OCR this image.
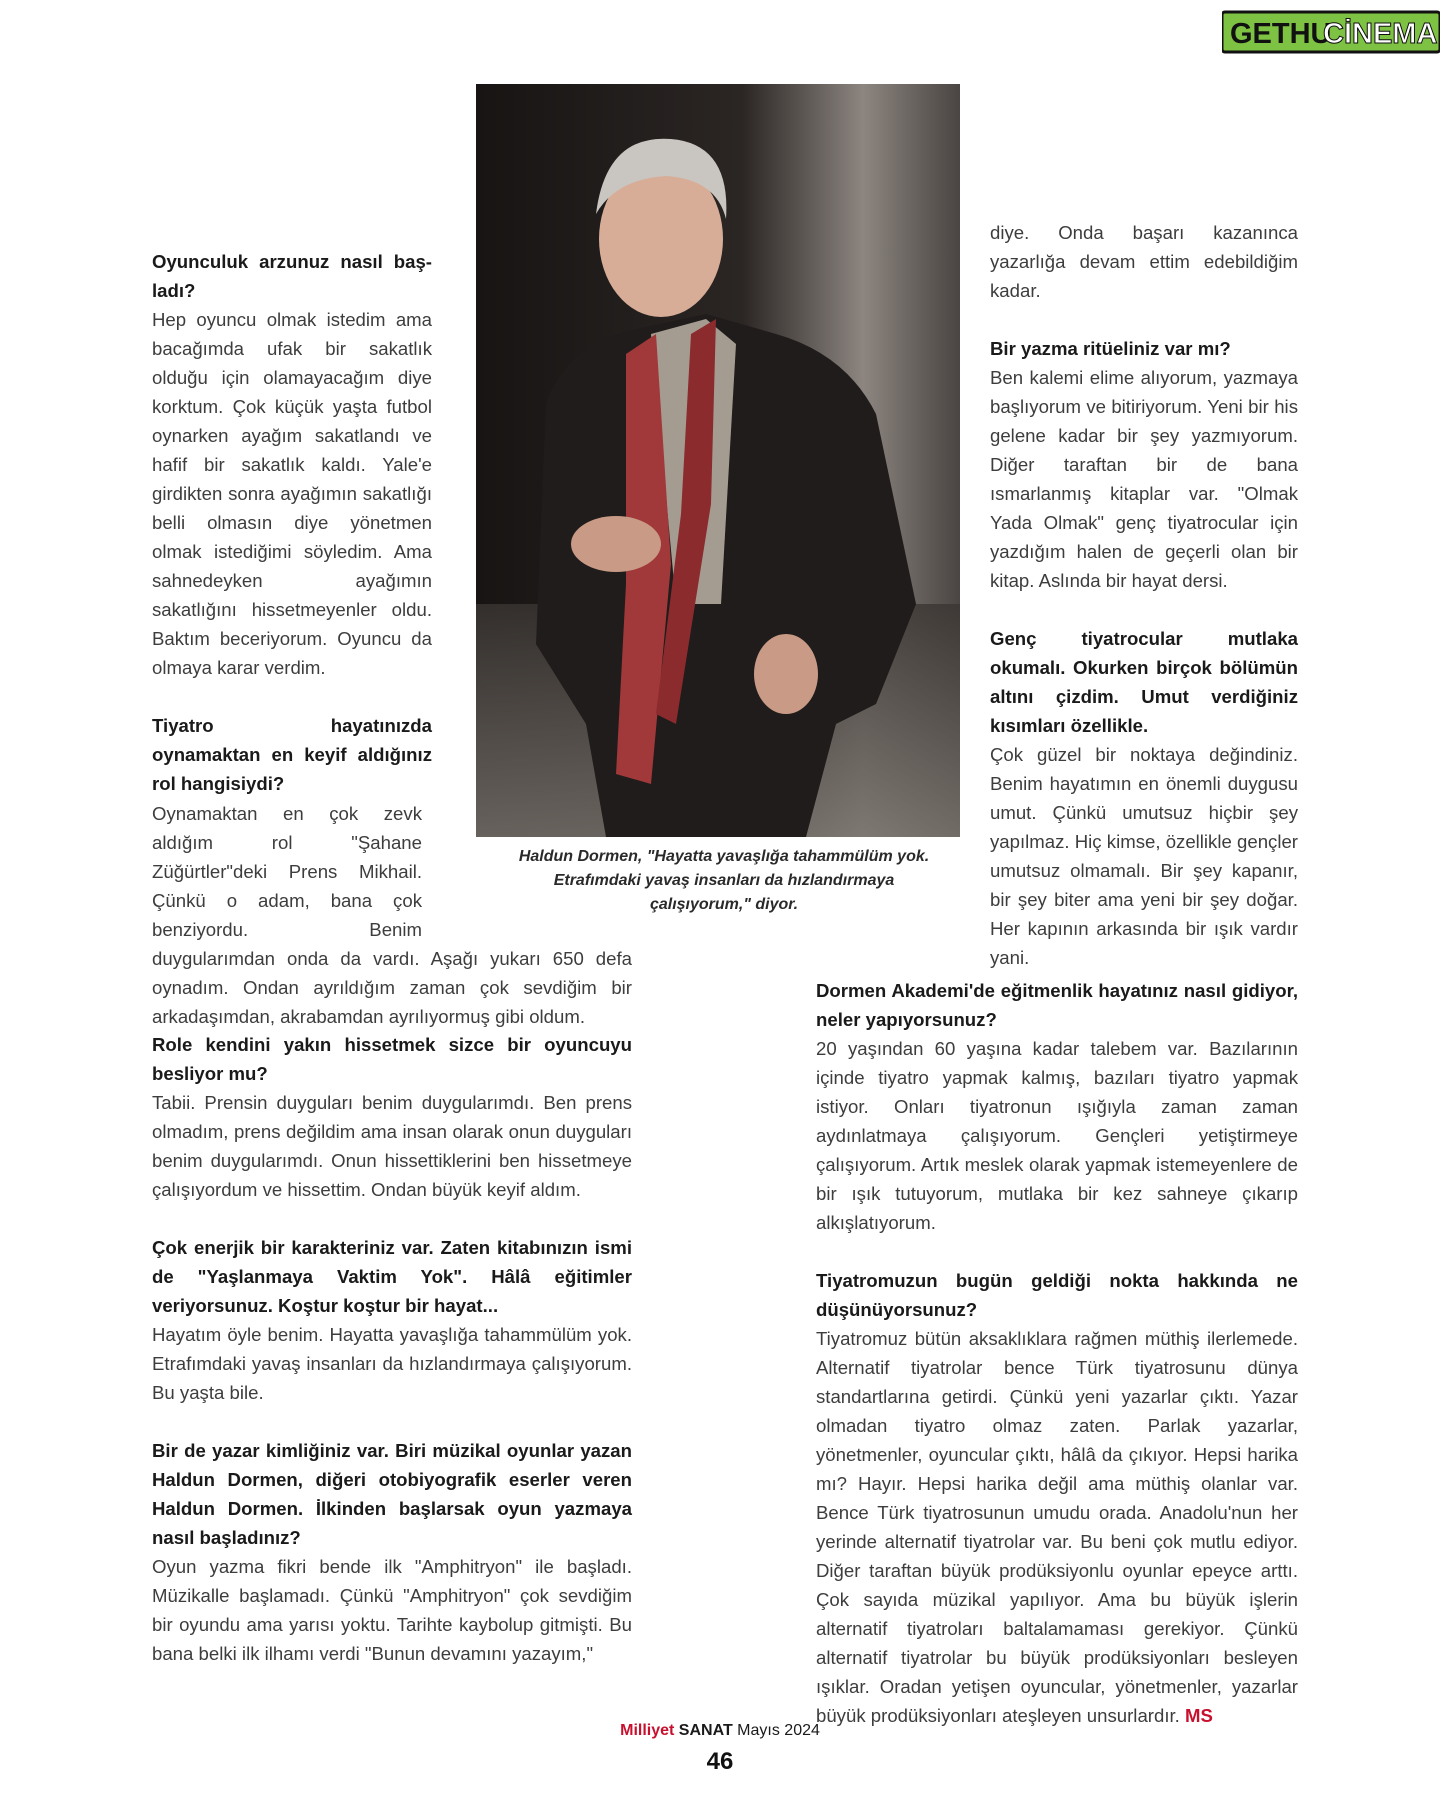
GETHU
CİNEMA

Oyunculuk arzunuz nasıl baş- ladı?
Hep oyuncu olmak istedim ama bacağımda ufak bir sakatlık olduğu için olamayacağım diye korktum. Çok küçük yaşta futbol oynarken ayağım sakatlandı ve hafif bir sakatlık kaldı. Yale'e girdikten sonra ayağımın sakatlığı belli olmasın diye yönetmen olmak istediğimi söyledim. Ama sahnedeyken ayağımın sakatlığını hissetmeyenler oldu. Baktım beceriyorum. Oyuncu da olmaya karar verdim.

Tiyatro hayatınızda oynamaktan en keyif aldığınız rol hangisiydi?

Oynamaktan en çok zevk aldığım rol "Şahane Züğürtler"deki Prens Mikhail. Çünkü o adam, bana çok benziyordu. Benim duygularımdan onda da vardı. Aşağı yukarı 650 defa oynadım. Ondan ayrıldığım zaman çok sevdiğim bir arkadaşımdan, akrabamdan ayrılıyormuş gibi oldum.

Role kendini yakın hissetmek sizce bir oyuncuyu besliyor mu?
Tabii. Prensin duyguları benim duygularımdı. Ben prens olmadım, prens değildim ama insan olarak onun duyguları benim duygularımdı. Onun hissettiklerini ben hissetmeye çalışıyordum ve hissettim. Ondan büyük keyif aldım.

Çok enerjik bir karakteriniz var. Zaten kitabınızın ismi de "Yaşlanmaya Vaktim Yok". Hâlâ eğitimler veriyorsunuz. Koştur koştur bir hayat...
Hayatım öyle benim. Hayatta yavaşlığa tahammülüm yok. Etrafımdaki yavaş insanları da hızlandırmaya çalışıyorum. Bu yaşta bile.

Bir de yazar kimliğiniz var. Biri müzikal oyunlar yazan Haldun Dormen, diğeri otobiyografik eserler veren Haldun Dormen. İlkinden başlarsak oyun yazmaya nasıl başladınız?
Oyun yazma fikri bende ilk "Amphitryon" ile başladı. Müzikalle başlamadı. Çünkü "Amphitryon" çok sevdiğim bir oyundu ama yarısı yoktu. Tarihte kaybolup gitmişti. Bu bana belki ilk ilhamı verdi "Bunun devamını yazayım,"

Haldun Dormen, "Hayatta yavaşlığa tahammülüm yok. Etrafımdaki yavaş insanları da hızlandırmaya çalışıyorum," diyor.

diye. Onda başarı kazanınca yazarlığa devam ettim edebildiğim kadar.

Bir yazma ritüeliniz var mı?
Ben kalemi elime alıyorum, yazmaya başlıyorum ve bitiriyorum. Yeni bir his gelene kadar bir şey yazmıyorum. Diğer taraftan bir de bana ısmarlanmış kitaplar var. "Olmak Yada Olmak" genç tiyatrocular için yazdığım halen de geçerli olan bir kitap. Aslında bir hayat dersi.

Genç tiyatrocular mutlaka okumalı. Okurken birçok bölümün altını çizdim. Umut verdiğiniz kısımları özellikle.
Çok güzel bir noktaya değindiniz. Benim hayatımın en önemli duygusu umut. Çünkü umutsuz hiçbir şey yapılmaz. Hiç kimse, özellikle gençler umutsuz olmamalı. Bir şey kapanır, bir şey biter ama yeni bir şey doğar. Her kapının arkasında bir ışık vardır yani.

Dormen Akademi'de eğitmenlik hayatınız nasıl gidiyor, neler yapıyorsunuz?
20 yaşından 60 yaşına kadar talebem var. Bazılarının içinde tiyatro yapmak kalmış, bazıları tiyatro yapmak istiyor. Onları tiyatronun ışığıyla zaman zaman aydınlatmaya çalışıyorum. Gençleri yetiştirmeye çalışıyorum. Artık meslek olarak yapmak istemeyenlere de bir ışık tutuyorum, mutlaka bir kez sahneye çıkarıp alkışlatıyorum.

Tiyatromuzun bugün geldiği nokta hakkında ne düşünüyorsunuz?
Tiyatromuz bütün aksaklıklara rağmen müthiş ilerlemede. Alternatif tiyatrolar bence Türk tiyatrosunu dünya standartlarına getirdi. Çünkü yeni yazarlar çıktı. Yazar olmadan tiyatro olmaz zaten. Parlak yazarlar, yönetmenler, oyuncular çıktı, hâlâ da çıkıyor. Hepsi harika mı? Hayır. Hepsi harika değil ama müthiş olanlar var. Bence Türk tiyatrosunun umudu orada. Anadolu'nun her yerinde alternatif tiyatrolar var. Bu beni çok mutlu ediyor. Diğer taraftan büyük prodüksiyonlu oyunlar epeyce arttı. Çok sayıda müzikal yapılıyor. Ama bu büyük işlerin alternatif tiyatroları baltalamaması gerekiyor. Çünkü alternatif tiyatrolar bu büyük prodüksiyonları besleyen ışıklar. Oradan yetişen oyuncular, yönetmenler, yazarlar büyük prodüksiyonları ateşleyen unsurlardır. MS

Milliyet SANAT Mayıs 2024
46
